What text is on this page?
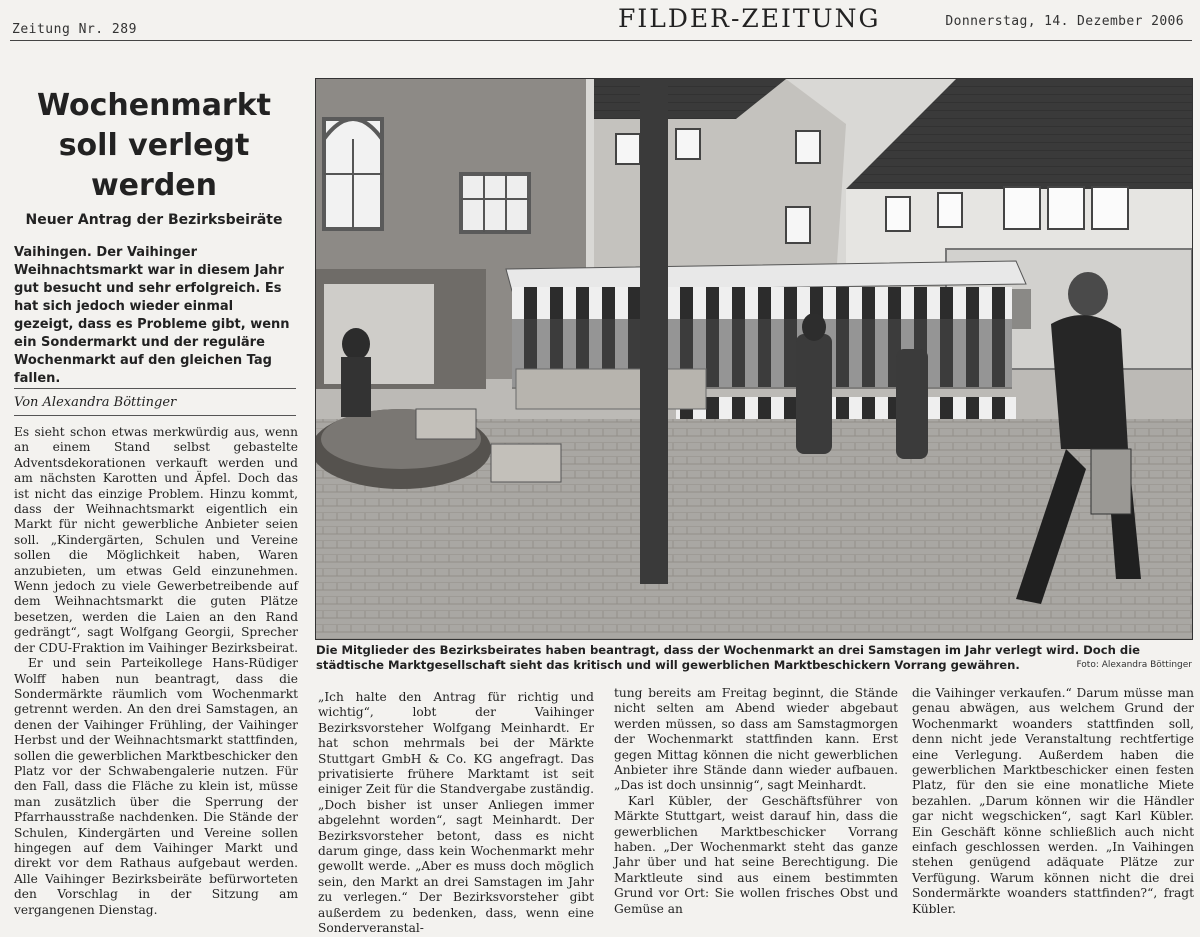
Zeitung Nr. 289	FILDER-ZEITUNG	Donnerstag, 14. Dezember 2006
Wochenmarkt soll verlegt werden
Neuer Antrag der Bezirksbeiräte

Vaihingen. Der Vaihinger Weihnachtsmarkt war in diesem Jahr gut besucht und sehr erfolgreich. Es hat sich jedoch wieder einmal gezeigt, dass es Probleme gibt, wenn ein Sondermarkt und der reguläre Wochenmarkt auf den gleichen Tag fallen.

Von Alexandra Böttinger

Es sieht schon etwas merkwürdig aus, wenn an einem Stand selbst gebastelte Adventsdekorationen verkauft werden und am nächsten Karotten und Äpfel. Doch das ist nicht das einzige Problem. Hinzu kommt, dass der Weihnachtsmarkt eigentlich ein Markt für nicht gewerbliche Anbieter seien soll. „Kindergärten, Schulen und Vereine sollen die Möglichkeit haben, Waren anzubieten, um etwas Geld einzunehmen. Wenn jedoch zu viele Gewerbetreibende auf dem Weihnachtsmarkt die guten Plätze besetzen, werden die Laien an den Rand gedrängt“, sagt Wolfgang Georgii, Sprecher der CDU-Fraktion im Vaihinger Bezirksbeirat.

Er und sein Parteikollege Hans-Rüdiger Wolff haben nun beantragt, dass die Sondermärkte räumlich vom Wochenmarkt getrennt werden. An den drei Samstagen, an denen der Vaihinger Frühling, der Vaihinger Herbst und der Weihnachtsmarkt stattfinden, sollen die gewerblichen Marktbeschicker den Platz vor der Schwabengalerie nutzen. Für den Fall, dass die Fläche zu klein ist, müsse man zusätzlich über die Sperrung der Pfarrhausstraße nachdenken. Die Stände der Schulen, Kindergärten und Vereine sollen hingegen auf dem Vaihinger Markt und direkt vor dem Rathaus aufgebaut werden. Alle Vaihinger Bezirksbeiräte befürworteten den Vorschlag in der Sitzung am vergangenen Dienstag.

Die Mitglieder des Bezirksbeirates haben beantragt, dass der Wochenmarkt an drei Samstagen im Jahr verlegt wird. Doch die städtische Marktgesellschaft sieht das kritisch und will gewerblichen Marktbeschickern Vorrang gewähren.	Foto: Alexandra Böttinger

„Ich halte den Antrag für richtig und wichtig“, lobt der Vaihinger Bezirksvorsteher Wolfgang Meinhardt. Er hat schon mehrmals bei der Märkte Stuttgart GmbH & Co. KG angefragt. Das privatisierte frühere Marktamt ist seit einiger Zeit für die Standvergabe zuständig. „Doch bisher ist unser Anliegen immer abgelehnt worden“, sagt Meinhardt. Der Bezirksvorsteher betont, dass es nicht darum ginge, dass kein Wochenmarkt mehr gewollt werde. „Aber es muss doch möglich sein, den Markt an drei Samstagen im Jahr zu verlegen.“ Der Bezirksvorsteher gibt außerdem zu bedenken, dass, wenn eine Sonderveranstal-

tung bereits am Freitag beginnt, die Stände nicht selten am Abend wieder abgebaut werden müssen, so dass am Samstagmorgen der Wochenmarkt stattfinden kann. Erst gegen Mittag können die nicht gewerblichen Anbieter ihre Stände dann wieder aufbauen. „Das ist doch unsinnig“, sagt Meinhardt.

Karl Kübler, der Geschäftsführer von Märkte Stuttgart, weist darauf hin, dass die gewerblichen Marktbeschicker Vorrang haben. „Der Wochenmarkt steht das ganze Jahr über und hat seine Berechtigung. Die Marktleute sind aus einem bestimmten Grund vor Ort: Sie wollen frisches Obst und Gemüse an

die Vaihinger verkaufen.“ Darum müsse man genau abwägen, aus welchem Grund der Wochenmarkt woanders stattfinden soll, denn nicht jede Veranstaltung rechtfertige eine Verlegung. Außerdem haben die gewerblichen Marktbeschicker einen festen Platz, für den sie eine monatliche Miete bezahlen. „Darum können wir die Händler gar nicht wegschicken“, sagt Karl Kübler. Ein Geschäft könne schließlich auch nicht einfach geschlossen werden. „In Vaihingen stehen genügend adäquate Plätze zur Verfügung. Warum können nicht die drei Sondermärkte woanders stattfinden?“, fragt Kübler.
